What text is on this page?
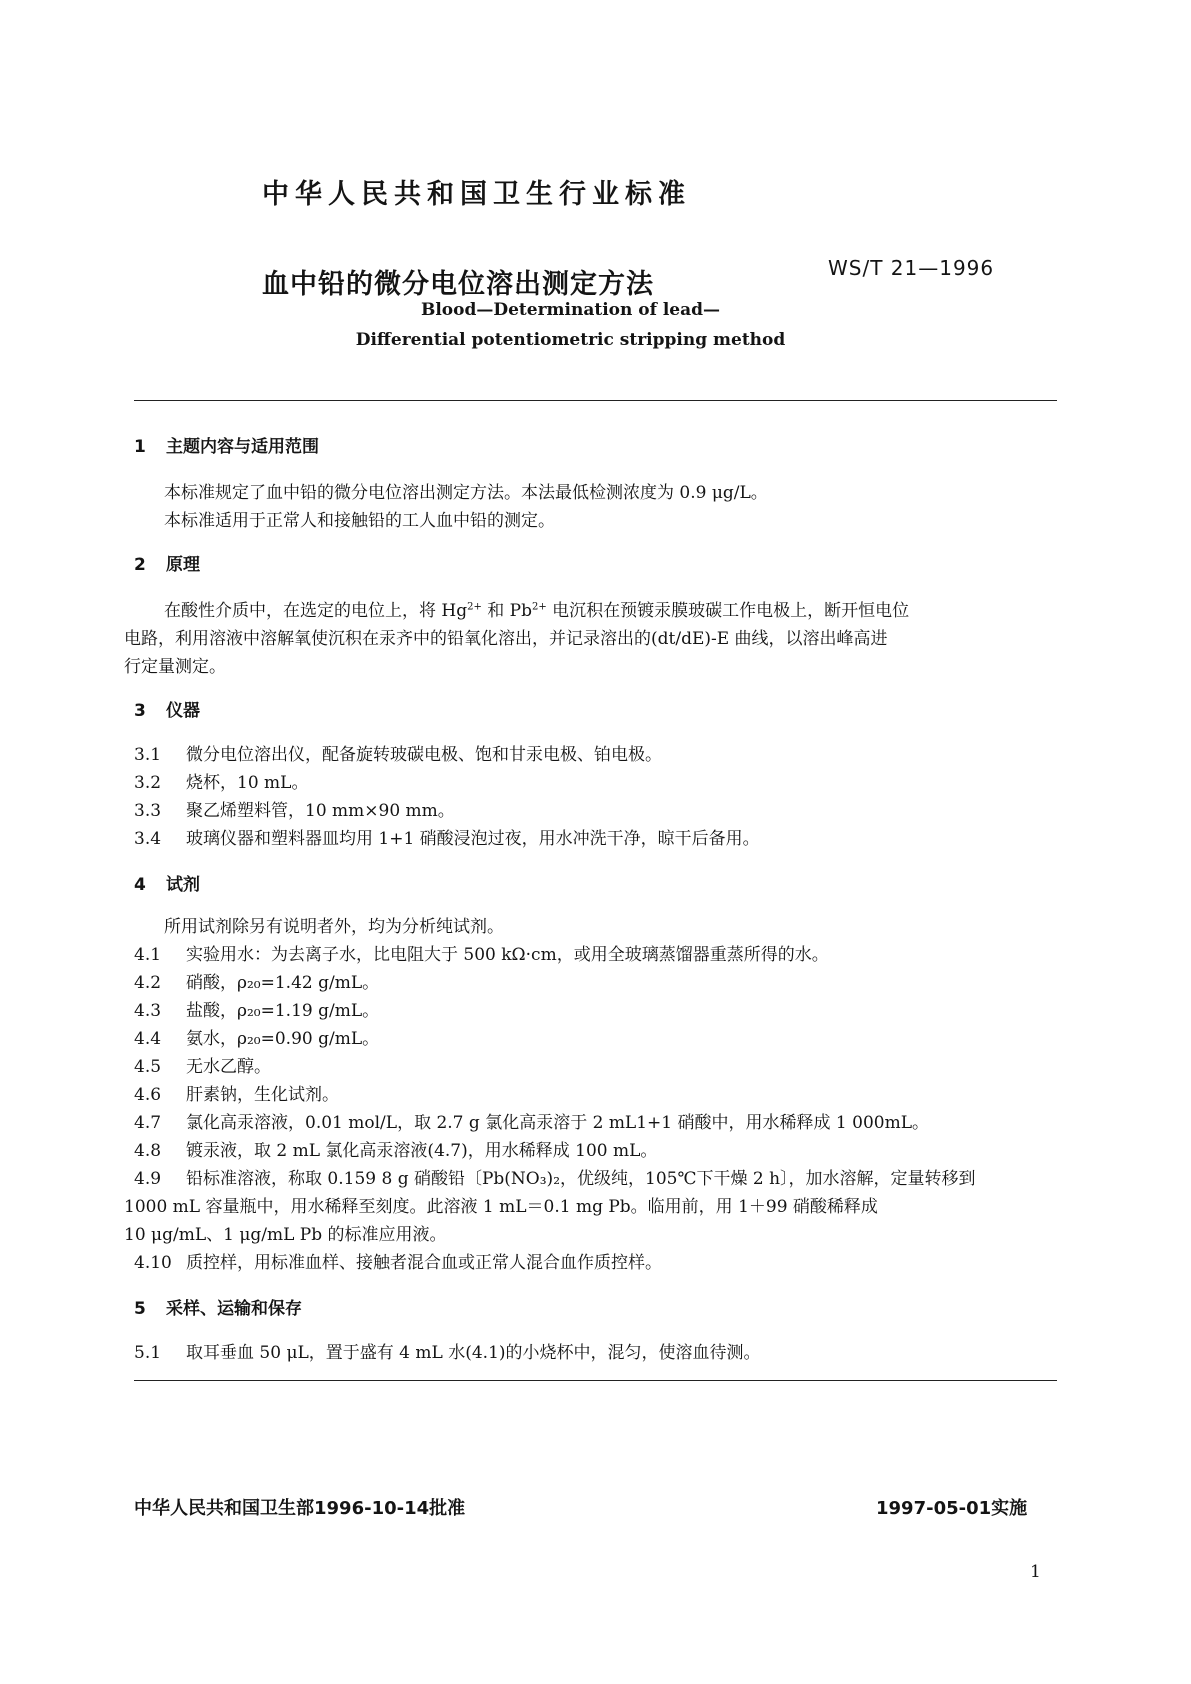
中华人民共和国卫生行业标准
血中铅的微分电位溶出测定方法
WS/T 21—1996
Blood—Determination of lead—
Differential potentiometric stripping method
1 主题内容与适用范围
本标准规定了血中铅的微分电位溶出测定方法。本法最低检测浓度为 0.9 μg/L。
本标准适用于正常人和接触铅的工人血中铅的测定。
2 原理
在酸性介质中，在选定的电位上，将 $Hg^{2+}$ 和 $Pb^{2+}$ 电沉积在预镀汞膜玻碳工作电极上，断开恒电位
电路，利用溶液中溶解氧使沉积在汞齐中的铅氧化溶出，并记录溶出的(dt/dE)-E 曲线，以溶出峰高进
行定量测定。
3 仪器
3.1 微分电位溶出仪，配备旋转玻碳电极、饱和甘汞电极、铂电极。
3.2 烧杯，10 mL。
3.3 聚乙烯塑料管，10 mm×90 mm。
3.4 玻璃仪器和塑料器皿均用 1+1 硝酸浸泡过夜，用水冲洗干净，晾干后备用。
4 试剂
所用试剂除另有说明者外，均为分析纯试剂。
4.1 实验用水：为去离子水，比电阻大于 500 kΩ·cm，或用全玻璃蒸馏器重蒸所得的水。
4.2 硝酸，ρ₂₀=1.42 g/mL。
4.3 盐酸，ρ₂₀=1.19 g/mL。
4.4 氨水，ρ₂₀=0.90 g/mL。
4.5 无水乙醇。
4.6 肝素钠，生化试剂。
4.7 氯化高汞溶液，0.01 mol/L，取 2.7 g 氯化高汞溶于 2 mL1+1 硝酸中，用水稀释成 1 000mL。
4.8 镀汞液，取 2 mL 氯化高汞溶液(4.7)，用水稀释成 100 mL。
4.9 铅标准溶液，称取 0.159 8 g 硝酸铅〔Pb(NO₃)₂，优级纯，105℃下干燥 2 h〕，加水溶解，定量转移到
1000 mL 容量瓶中，用水稀释至刻度。此溶液 1 mL＝0.1 mg Pb。临用前，用 1＋99 硝酸稀释成
10 μg/mL、1 μg/mL Pb 的标准应用液。
4.10 质控样，用标准血样、接触者混合血或正常人混合血作质控样。
5 采样、运输和保存
5.1 取耳垂血 50 μL，置于盛有 4 mL 水(4.1)的小烧杯中，混匀，使溶血待测。
中华人民共和国卫生部1996-10-14批准	1997-05-01实施
1
